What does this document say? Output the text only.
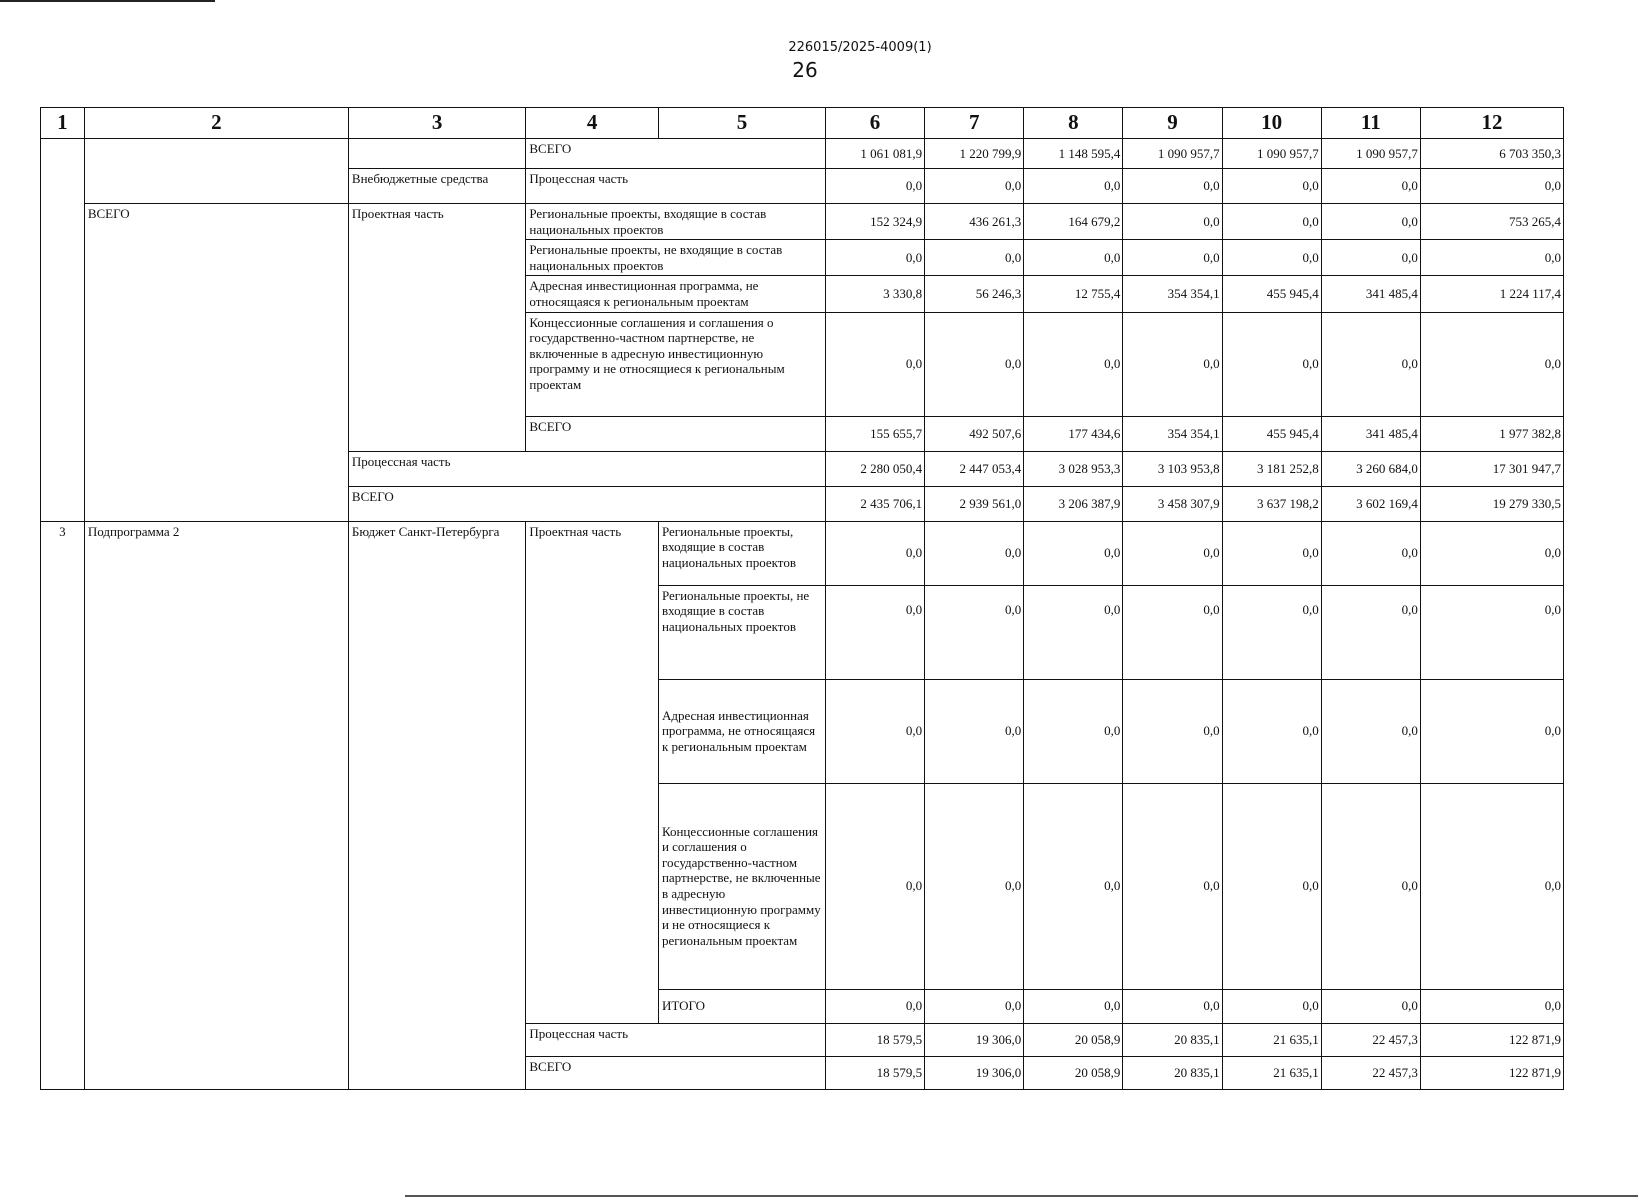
226015/2025-4009(1)
26
1	2	3	4	5	6	7	8	9	10	11	12
			ВСЕГО		1 061 081,9	1 220 799,9	1 148 595,4	1 090 957,7	1 090 957,7	1 090 957,7	6 703 350,3
		Внебюджетные средства	Процессная часть		0,0	0,0	0,0	0,0	0,0	0,0	0,0
	ВСЕГО	Проектная часть	Региональные проекты, входящие в состав национальных проектов		152 324,9	436 261,3	164 679,2	0,0	0,0	0,0	753 265,4
			Региональные проекты, не входящие в состав национальных проектов		0,0	0,0	0,0	0,0	0,0	0,0	0,0
			Адресная инвестиционная программа, не относящаяся к региональным проектам		3 330,8	56 246,3	12 755,4	354 354,1	455 945,4	341 485,4	1 224 117,4
			Концессионные соглашения и соглашения о государственно-частном партнерстве, не включенные в адресную инвестиционную программу и не относящиеся к региональным проектам		0,0	0,0	0,0	0,0	0,0	0,0	0,0
			ВСЕГО		155 655,7	492 507,6	177 434,6	354 354,1	455 945,4	341 485,4	1 977 382,8
		Процессная часть			2 280 050,4	2 447 053,4	3 028 953,3	3 103 953,8	3 181 252,8	3 260 684,0	17 301 947,7
		ВСЕГО			2 435 706,1	2 939 561,0	3 206 387,9	3 458 307,9	3 637 198,2	3 602 169,4	19 279 330,5
3	Подпрограмма 2	Бюджет Санкт-Петербурга	Проектная часть	Региональные проекты, входящие в состав национальных проектов	0,0	0,0	0,0	0,0	0,0	0,0	0,0
				Региональные проекты, не входящие в состав национальных проектов	0,0	0,0	0,0	0,0	0,0	0,0	0,0
				Адресная инвестиционная программа, не относящаяся к региональным проектам	0,0	0,0	0,0	0,0	0,0	0,0	0,0
				Концессионные соглашения и соглашения о государственно-частном партнерстве, не включенные в адресную инвестиционную программу и не относящиеся к региональным проектам	0,0	0,0	0,0	0,0	0,0	0,0	0,0
				ИТОГО	0,0	0,0	0,0	0,0	0,0	0,0	0,0
			Процессная часть		18 579,5	19 306,0	20 058,9	20 835,1	21 635,1	22 457,3	122 871,9
			ВСЕГО		18 579,5	19 306,0	20 058,9	20 835,1	21 635,1	22 457,3	122 871,9
